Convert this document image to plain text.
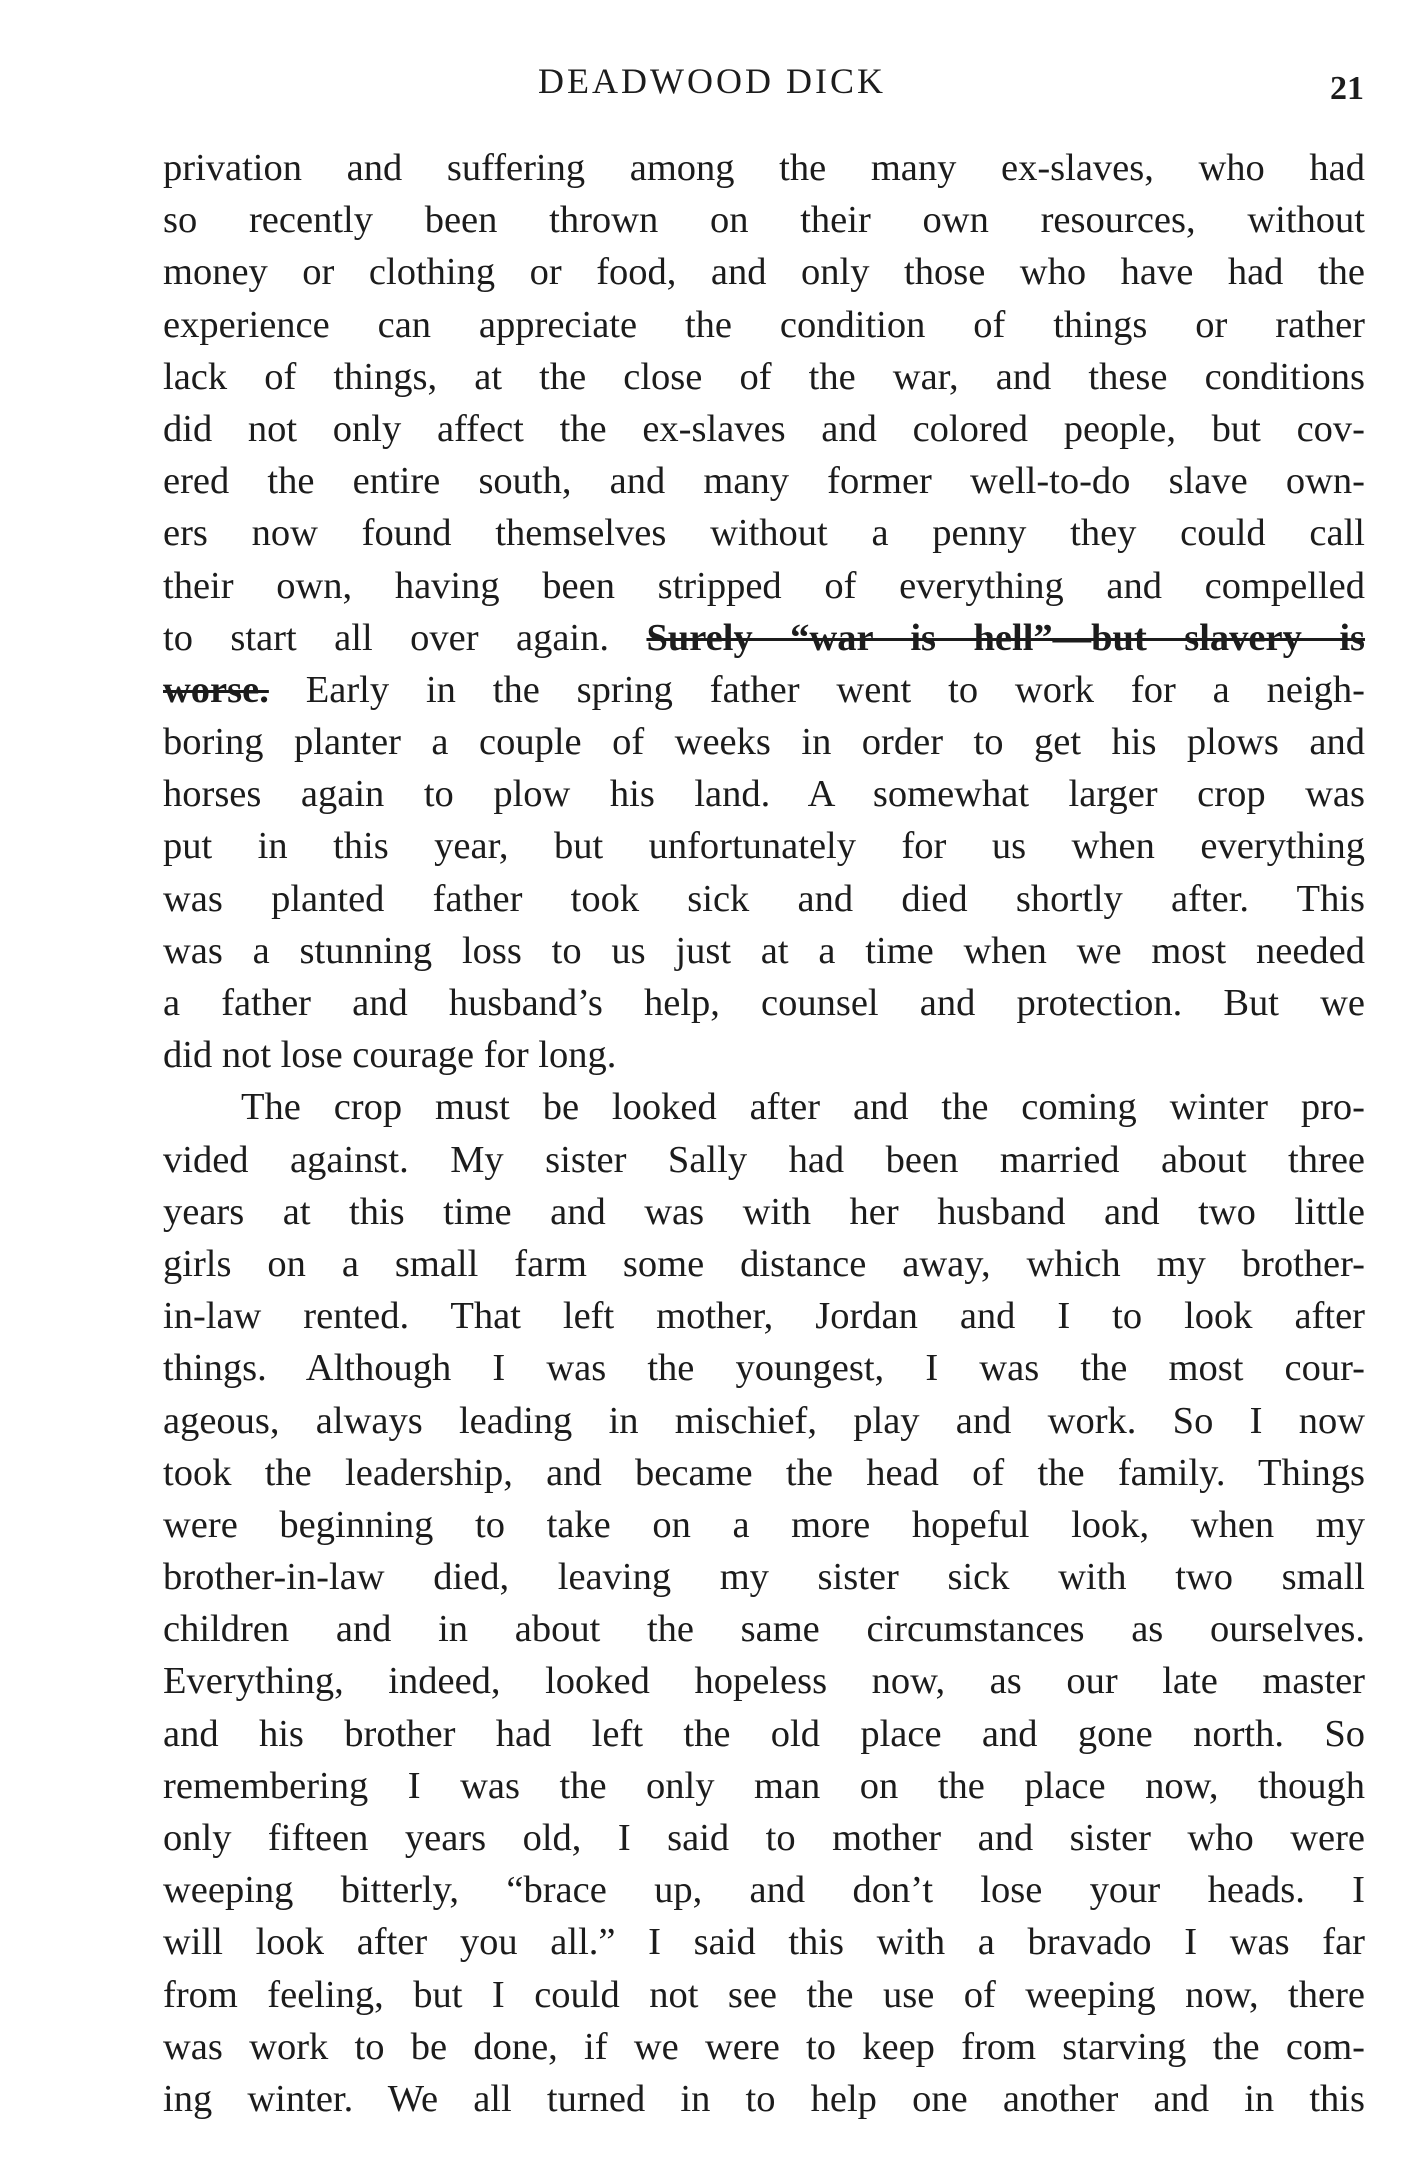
DEADWOOD DICK	21
privation and suffering among the many ex-slaves, who had
so recently been thrown on their own resources, without
money or clothing or food, and only those who have had the
experience can appreciate the condition of things or rather
lack of things, at the close of the war, and these conditions
did not only affect the ex-slaves and colored people, but cov-
ered the entire south, and many former well-to-do slave own-
ers now found themselves without a penny they could call
their own, having been stripped of everything and compelled
to start all over again. Surely “war is hell”—but slavery is
worse. Early in the spring father went to work for a neigh-
boring planter a couple of weeks in order to get his plows and
horses again to plow his land. A somewhat larger crop was
put in this year, but unfortunately for us when everything
was planted father took sick and died shortly after. This
was a stunning loss to us just at a time when we most needed
a father and husband’s help, counsel and protection. But we
did not lose courage for long.
The crop must be looked after and the coming winter pro-
vided against. My sister Sally had been married about three
years at this time and was with her husband and two little
girls on a small farm some distance away, which my brother-
in-law rented. That left mother, Jordan and I to look after
things. Although I was the youngest, I was the most cour-
ageous, always leading in mischief, play and work. So I now
took the leadership, and became the head of the family. Things
were beginning to take on a more hopeful look, when my
brother-in-law died, leaving my sister sick with two small
children and in about the same circumstances as ourselves.
Everything, indeed, looked hopeless now, as our late master
and his brother had left the old place and gone north. So
remembering I was the only man on the place now, though
only fifteen years old, I said to mother and sister who were
weeping bitterly, “brace up, and don’t lose your heads. I
will look after you all.” I said this with a bravado I was far
from feeling, but I could not see the use of weeping now, there
was work to be done, if we were to keep from starving the com-
ing winter. We all turned in to help one another and in this
